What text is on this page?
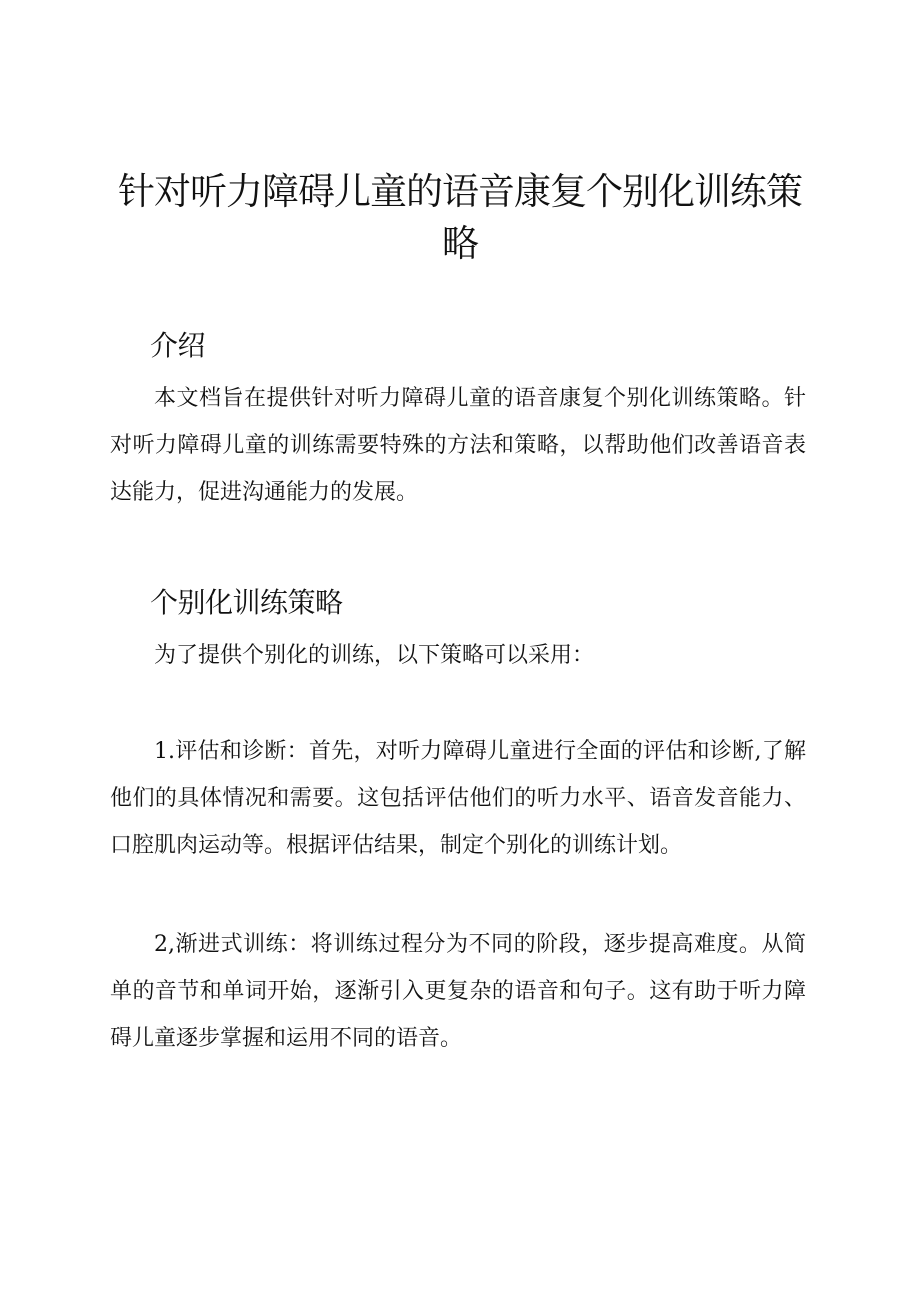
针对听力障碍儿童的语音康复个别化训练策略
介绍

本文档旨在提供针对听力障碍儿童的语音康复个别化训练策略。针对听力障碍儿童的训练需要特殊的方法和策略，以帮助他们改善语音表达能力，促进沟通能力的发展。

个别化训练策略

为了提供个别化的训练，以下策略可以采用：

1.评估和诊断：首先，对听力障碍儿童进行全面的评估和诊断,了解他们的具体情况和需要。这包括评估他们的听力水平、语音发音能力、口腔肌肉运动等。根据评估结果，制定个别化的训练计划。

2,渐进式训练：将训练过程分为不同的阶段，逐步提高难度。从简单的音节和单词开始，逐渐引入更复杂的语音和句子。这有助于听力障碍儿童逐步掌握和运用不同的语音。
